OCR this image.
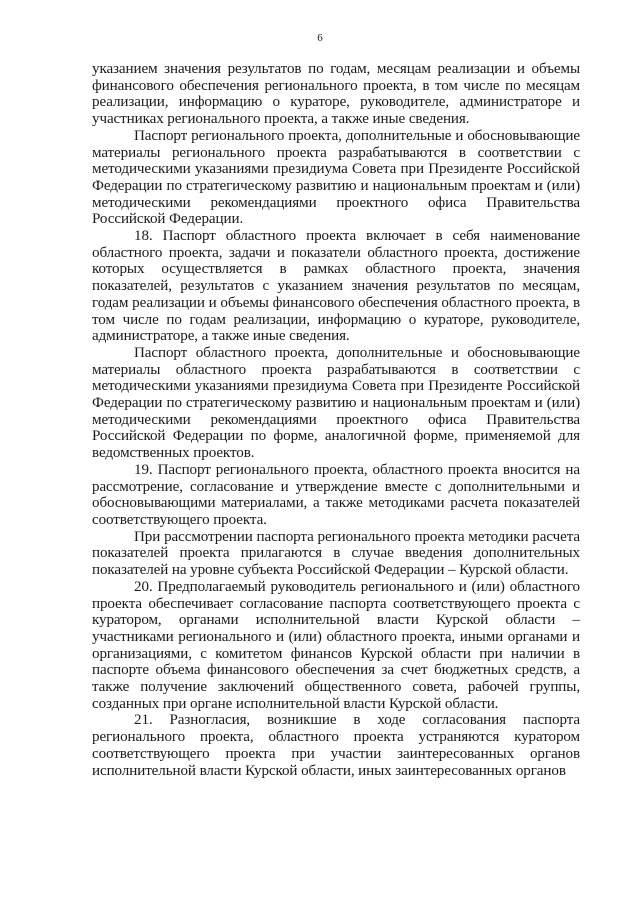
6

указанием значения результатов по годам, месяцам реализации и объемы финансового обеспечения регионального проекта, в том числе по месяцам реализации, информацию о кураторе, руководителе, администраторе и участниках регионального проекта, а также иные сведения.

Паспорт регионального проекта, дополнительные и обосновывающие материалы регионального проекта разрабатываются в соответствии с методическими указаниями президиума Совета при Президенте Российской Федерации по стратегическому развитию и национальным проектам и (или) методическими рекомендациями проектного офиса Правительства Российской Федерации.

18. Паспорт областного проекта включает в себя наименование областного проекта, задачи и показатели областного проекта, достижение которых осуществляется в рамках областного проекта, значения показателей, результатов с указанием значения результатов по месяцам, годам реализации и объемы финансового обеспечения областного проекта, в том числе по годам реализации, информацию о кураторе, руководителе, администраторе, а также иные сведения.

Паспорт областного проекта, дополнительные и обосновывающие материалы областного проекта разрабатываются в соответствии с методическими указаниями президиума Совета при Президенте Российской Федерации по стратегическому развитию и национальным проектам и (или) методическими рекомендациями проектного офиса Правительства Российской Федерации по форме, аналогичной форме, применяемой для ведомственных проектов.

19. Паспорт регионального проекта, областного проекта вносится на рассмотрение, согласование и утверждение вместе с дополнительными и обосновывающими материалами, а также методиками расчета показателей соответствующего проекта.

При рассмотрении паспорта регионального проекта методики расчета показателей проекта прилагаются в случае введения дополнительных показателей на уровне субъекта Российской Федерации – Курской области.

20. Предполагаемый руководитель регионального и (или) областного проекта обеспечивает согласование паспорта соответствующего проекта с куратором, органами исполнительной власти Курской области – участниками регионального и (или) областного проекта, иными органами и организациями, с комитетом финансов Курской области при наличии в паспорте объема финансового обеспечения за счет бюджетных средств, а также получение заключений общественного совета, рабочей группы, созданных при органе исполнительной власти Курской области.

21. Разногласия, возникшие в ходе согласования паспорта регионального проекта, областного проекта устраняются куратором соответствующего проекта при участии заинтересованных органов исполнительной власти Курской области, иных заинтересованных органов
